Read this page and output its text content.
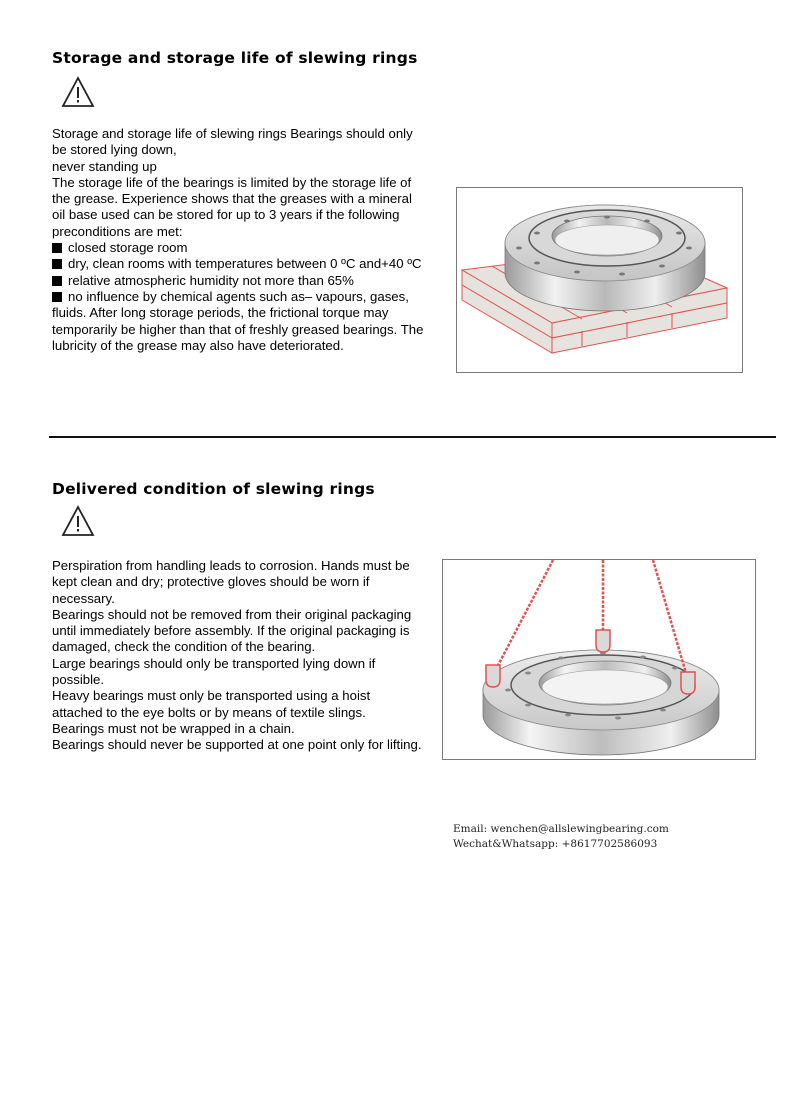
Storage and storage life of slewing rings

Storage and storage life of slewing rings Bearings should only be stored lying down,

never standing up

The storage life of the bearings is limited by the storage life of the grease. Experience shows that the greases with a mineral oil base used can be stored for up to 3 years if the following preconditions are met:

closed storage room

dry, clean rooms with temperatures between 0 ºC and+40 ºC

relative atmospheric humidity not more than 65%

no influence by chemical agents such as– vapours, gases, fluids. After long storage periods, the frictional torque may temporarily be higher than that of freshly greased bearings. The lubricity of the grease may also have deteriorated.

Delivered condition of slewing rings

Perspiration from handling leads to corrosion. Hands must be kept clean and dry; protective gloves should be worn if necessary.

Bearings should not be removed from their original packaging until immediately before assembly. If the original packaging is damaged, check the condition of the bearing.

Large bearings should only be transported lying down if possible.

Heavy bearings must only be transported using a hoist attached to the eye bolts or by means of textile slings.

Bearings must not be wrapped in a chain.

Bearings should never be supported at one point only for lifting.

Email: wenchen@allslewingbearing.com
Wechat&Whatsapp: +8617702586093
